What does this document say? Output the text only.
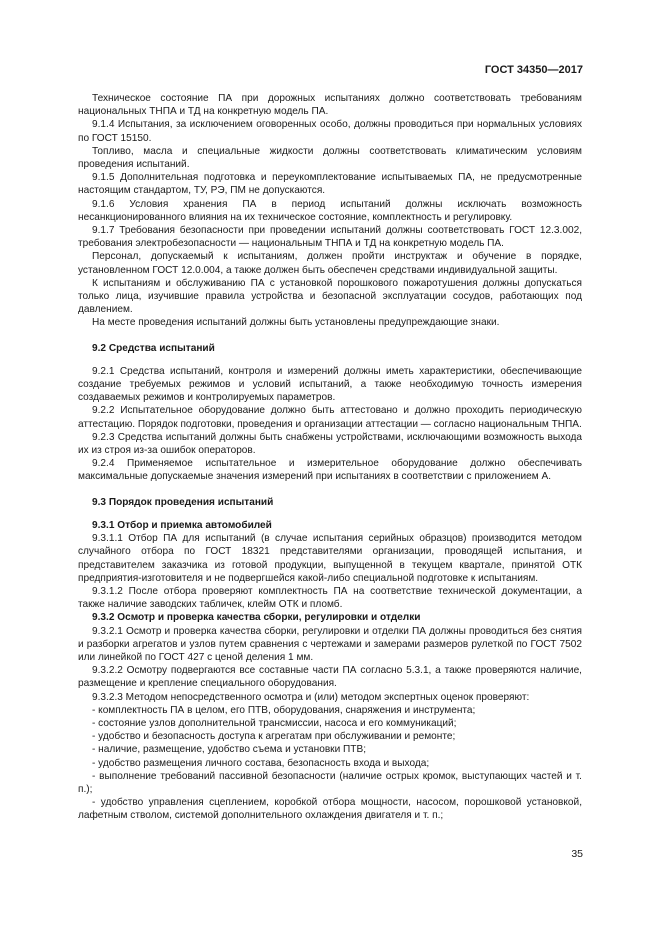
ГОСТ 34350—2017

Техническое состояние ПА при дорожных испытаниях должно соответствовать требованиям национальных ТНПА и ТД на конкретную модель ПА.

9.1.4 Испытания, за исключением оговоренных особо, должны проводиться при нормальных условиях по ГОСТ 15150.

Топливо, масла и специальные жидкости должны соответствовать климатическим условиям проведения испытаний.

9.1.5 Дополнительная подготовка и переукомплектование испытываемых ПА, не предусмотренные настоящим стандартом, ТУ, РЭ, ПМ не допускаются.

9.1.6 Условия хранения ПА в период испытаний должны исключать возможность несанкционированного влияния на их техническое состояние, комплектность и регулировку.

9.1.7 Требования безопасности при проведении испытаний должны соответствовать ГОСТ 12.3.002, требования электробезопасности — национальным ТНПА и ТД на конкретную модель ПА.

Персонал, допускаемый к испытаниям, должен пройти инструктаж и обучение в порядке, установленном ГОСТ 12.0.004, а также должен быть обеспечен средствами индивидуальной защиты.

К испытаниям и обслуживанию ПА с установкой порошкового пожаротушения должны допускаться только лица, изучившие правила устройства и безопасной эксплуатации сосудов, работающих под давлением.

На месте проведения испытаний должны быть установлены предупреждающие знаки.

9.2 Средства испытаний

9.2.1 Средства испытаний, контроля и измерений должны иметь характеристики, обеспечивающие создание требуемых режимов и условий испытаний, а также необходимую точность измерения создаваемых режимов и контролируемых параметров.

9.2.2 Испытательное оборудование должно быть аттестовано и должно проходить периодическую аттестацию. Порядок подготовки, проведения и организации аттестации — согласно национальным ТНПА.

9.2.3 Средства испытаний должны быть снабжены устройствами, исключающими возможность выхода их из строя из-за ошибок операторов.

9.2.4 Применяемое испытательное и измерительное оборудование должно обеспечивать максимальные допускаемые значения измерений при испытаниях в соответствии с приложением А.

9.3 Порядок проведения испытаний
9.3.1 Отбор и приемка автомобилей

9.3.1.1 Отбор ПА для испытаний (в случае испытания серийных образцов) производится методом случайного отбора по ГОСТ 18321 представителями организации, проводящей испытания, и представителем заказчика из готовой продукции, выпущенной в текущем квартале, принятой ОТК предприятия-изготовителя и не подвергшейся какой-либо специальной подготовке к испытаниям.

9.3.1.2 После отбора проверяют комплектность ПА на соответствие технической документации, а также наличие заводских табличек, клейм ОТК и пломб.

9.3.2 Осмотр и проверка качества сборки, регулировки и отделки

9.3.2.1 Осмотр и проверка качества сборки, регулировки и отделки ПА должны проводиться без снятия и разборки агрегатов и узлов путем сравнения с чертежами и замерами размеров рулеткой по ГОСТ 7502 или линейкой по ГОСТ 427 с ценой деления 1 мм.

9.3.2.2 Осмотру подвергаются все составные части ПА согласно 5.3.1, а также проверяются наличие, размещение и крепление специального оборудования.

9.3.2.3 Методом непосредственного осмотра и (или) методом экспертных оценок проверяют:

- комплектность ПА в целом, его ПТВ, оборудования, снаряжения и инструмента;

- состояние узлов дополнительной трансмиссии, насоса и его коммуникаций;

- удобство и безопасность доступа к агрегатам при обслуживании и ремонте;

- наличие, размещение, удобство съема и установки ПТВ;

- удобство размещения личного состава, безопасность входа и выхода;

- выполнение требований пассивной безопасности (наличие острых кромок, выступающих частей и т. п.);

- удобство управления сцеплением, коробкой отбора мощности, насосом, порошковой установкой, лафетным стволом, системой дополнительного охлаждения двигателя и т. п.;

35
